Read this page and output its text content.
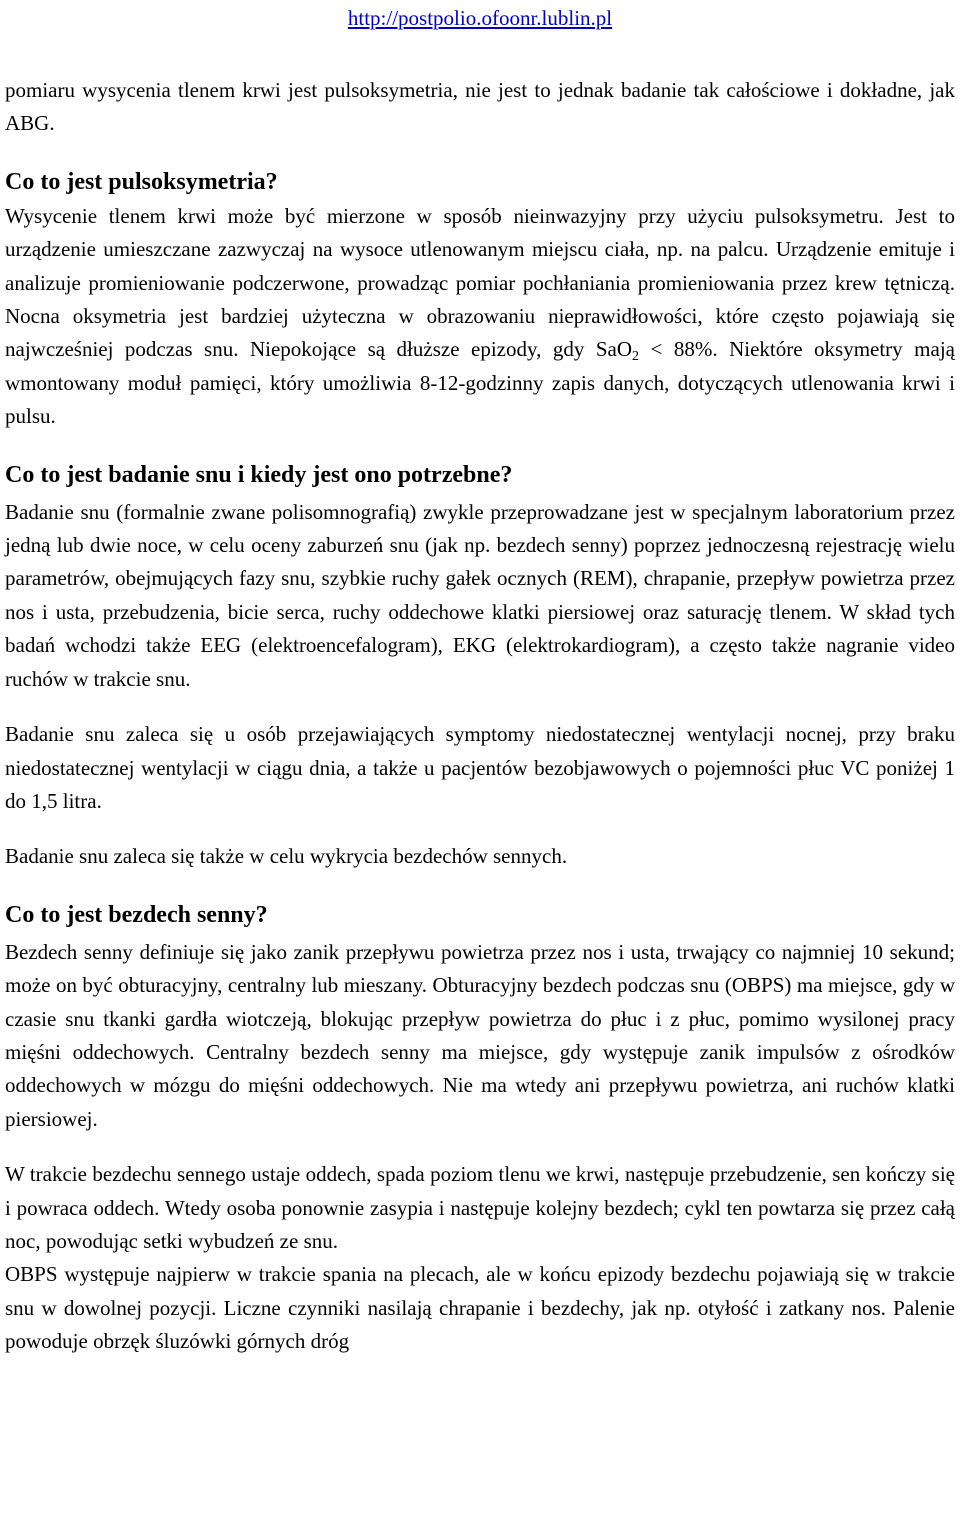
http://postpolio.ofoonr.lublin.pl

pomiaru wysycenia tlenem krwi jest pulsoksymetria, nie jest to jednak badanie tak całościowe i dokładne, jak ABG.

Co to jest pulsoksymetria?

Wysycenie tlenem krwi może być mierzone w sposób nieinwazyjny przy użyciu pulsoksymetru. Jest to urządzenie umieszczane zazwyczaj na wysoce utlenowanym miejscu ciała, np. na palcu. Urządzenie emituje i analizuje promieniowanie podczerwone, prowadząc pomiar pochłaniania promieniowania przez krew tętniczą. Nocna oksymetria jest bardziej użyteczna w obrazowaniu nieprawidłowości, które często pojawiają się najwcześniej podczas snu. Niepokojące są dłuższe epizody, gdy SaO$_2$ < 88%. Niektóre oksymetry mają wmontowany moduł pamięci, który umożliwia 8-12-godzinny zapis danych, dotyczących utlenowania krwi i pulsu.

Co to jest badanie snu i kiedy jest ono potrzebne?

Badanie snu (formalnie zwane polisomnografią) zwykle przeprowadzane jest w specjalnym laboratorium przez jedną lub dwie noce, w celu oceny zaburzeń snu (jak np. bezdech senny) poprzez jednoczesną rejestrację wielu parametrów, obejmujących fazy snu, szybkie ruchy gałek ocznych (REM), chrapanie, przepływ powietrza przez nos i usta, przebudzenia, bicie serca, ruchy oddechowe klatki piersiowej oraz saturację tlenem. W skład tych badań wchodzi także EEG (elektroencefalogram), EKG (elektrokardiogram), a często także nagranie video ruchów w trakcie snu.

Badanie snu zaleca się u osób przejawiających symptomy niedostatecznej wentylacji nocnej, przy braku niedostatecznej wentylacji w ciągu dnia, a także u pacjentów bezobjawowych o pojemności płuc VC poniżej 1 do 1,5 litra.

Badanie snu zaleca się także w celu wykrycia bezdechów sennych.

Co to jest bezdech senny?

Bezdech senny definiuje się jako zanik przepływu powietrza przez nos i usta, trwający co najmniej 10 sekund; może on być obturacyjny, centralny lub mieszany. Obturacyjny bezdech podczas snu (OBPS) ma miejsce, gdy w czasie snu tkanki gardła wiotczeją, blokując przepływ powietrza do płuc i z płuc, pomimo wysilonej pracy mięśni oddechowych. Centralny bezdech senny ma miejsce, gdy występuje zanik impulsów z ośrodków oddechowych w mózgu do mięśni oddechowych. Nie ma wtedy ani przepływu powietrza, ani ruchów klatki piersiowej.

W trakcie bezdechu sennego ustaje oddech, spada poziom tlenu we krwi, następuje przebudzenie, sen kończy się i powraca oddech. Wtedy osoba ponownie zasypia i następuje kolejny bezdech; cykl ten powtarza się przez całą noc, powodując setki wybudzeń ze snu.

OBPS występuje najpierw w trakcie spania na plecach, ale w końcu epizody bezdechu pojawiają się w trakcie snu w dowolnej pozycji. Liczne czynniki nasilają chrapanie i bezdechy, jak np. otyłość i zatkany nos. Palenie powoduje obrzęk śluzówki górnych dróg
